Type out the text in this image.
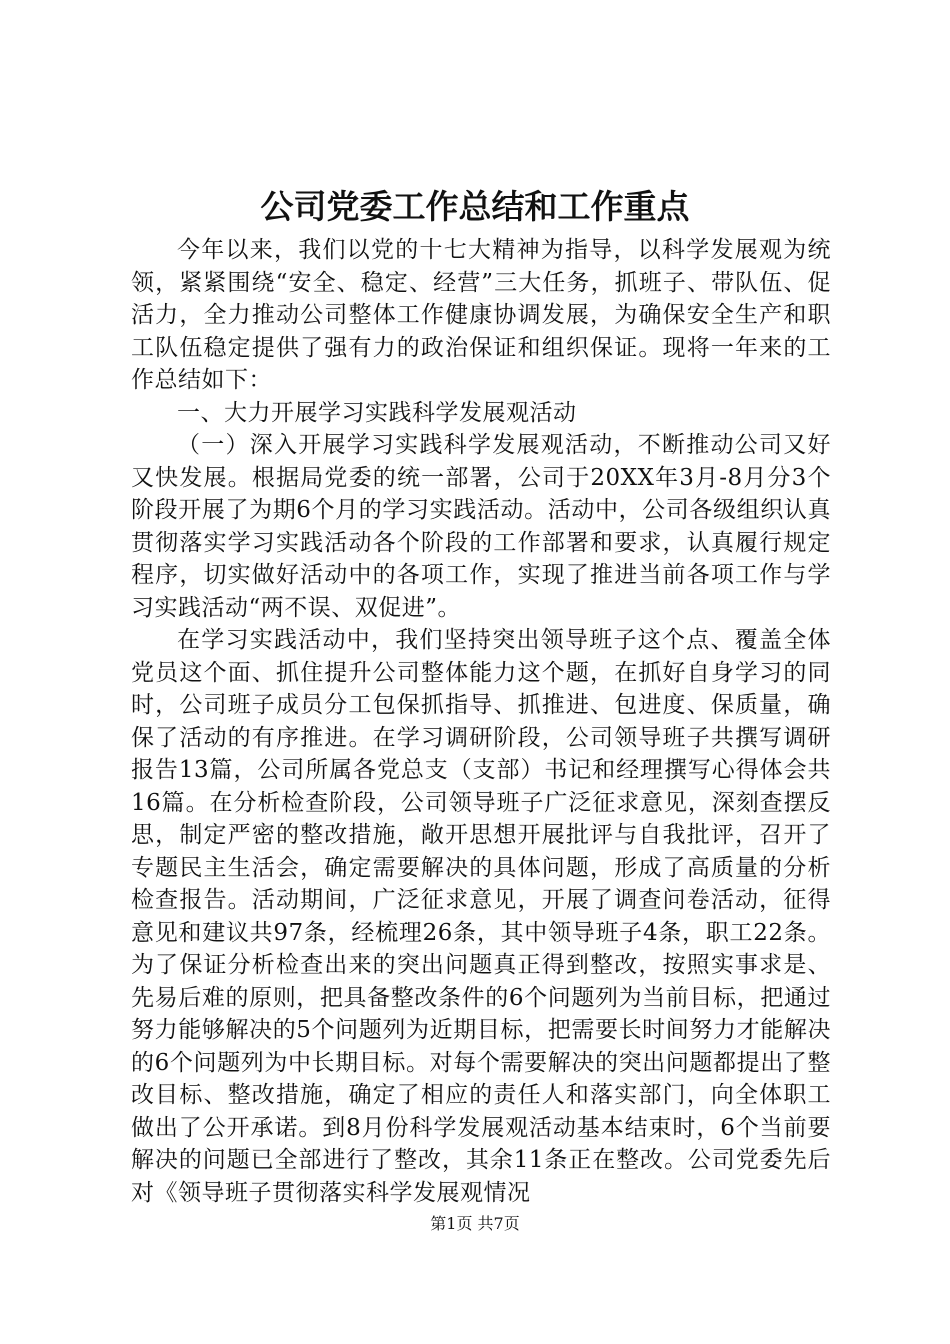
公司党委工作总结和工作重点

今年以来，我们以党的十七大精神为指导，以科学发展观为统领，紧紧围绕“安全、稳定、经营”三大任务，抓班子、带队伍、促活力，全力推动公司整体工作健康协调发展，为确保安全生产和职工队伍稳定提供了强有力的政治保证和组织保证。现将一年来的工作总结如下：

一、大力开展学习实践科学发展观活动

（一）深入开展学习实践科学发展观活动，不断推动公司又好又快发展。根据局党委的统一部署，公司于20XX年3月-8月分3个阶段开展了为期6个月的学习实践活动。活动中，公司各级组织认真贯彻落实学习实践活动各个阶段的工作部署和要求，认真履行规定程序，切实做好活动中的各项工作，实现了推进当前各项工作与学习实践活动“两不误、双促进”。

在学习实践活动中，我们坚持突出领导班子这个点、覆盖全体党员这个面、抓住提升公司整体能力这个题，在抓好自身学习的同时，公司班子成员分工包保抓指导、抓推进、包进度、保质量，确保了活动的有序推进。在学习调研阶段，公司领导班子共撰写调研报告13篇，公司所属各党总支（支部）书记和经理撰写心得体会共16篇。在分析检查阶段，公司领导班子广泛征求意见，深刻查摆反思，制定严密的整改措施，敞开思想开展批评与自我批评，召开了专题民主生活会，确定需要解决的具体问题，形成了高质量的分析检查报告。活动期间，广泛征求意见，开展了调查问卷活动，征得意见和建议共97条，经梳理26条，其中领导班子4条，职工22条。为了保证分析检查出来的突出问题真正得到整改，按照实事求是、先易后难的原则，把具备整改条件的6个问题列为当前目标，把通过努力能够解决的5个问题列为近期目标，把需要长时间努力才能解决的6个问题列为中长期目标。对每个需要解决的突出问题都提出了整改目标、整改措施，确定了相应的责任人和落实部门，向全体职工做出了公开承诺。到8月份科学发展观活动基本结束时，6个当前要解决的问题已全部进行了整改，其余11条正在整改。公司党委先后对《领导班子贯彻落实科学发展观情况

第1页 共7页
